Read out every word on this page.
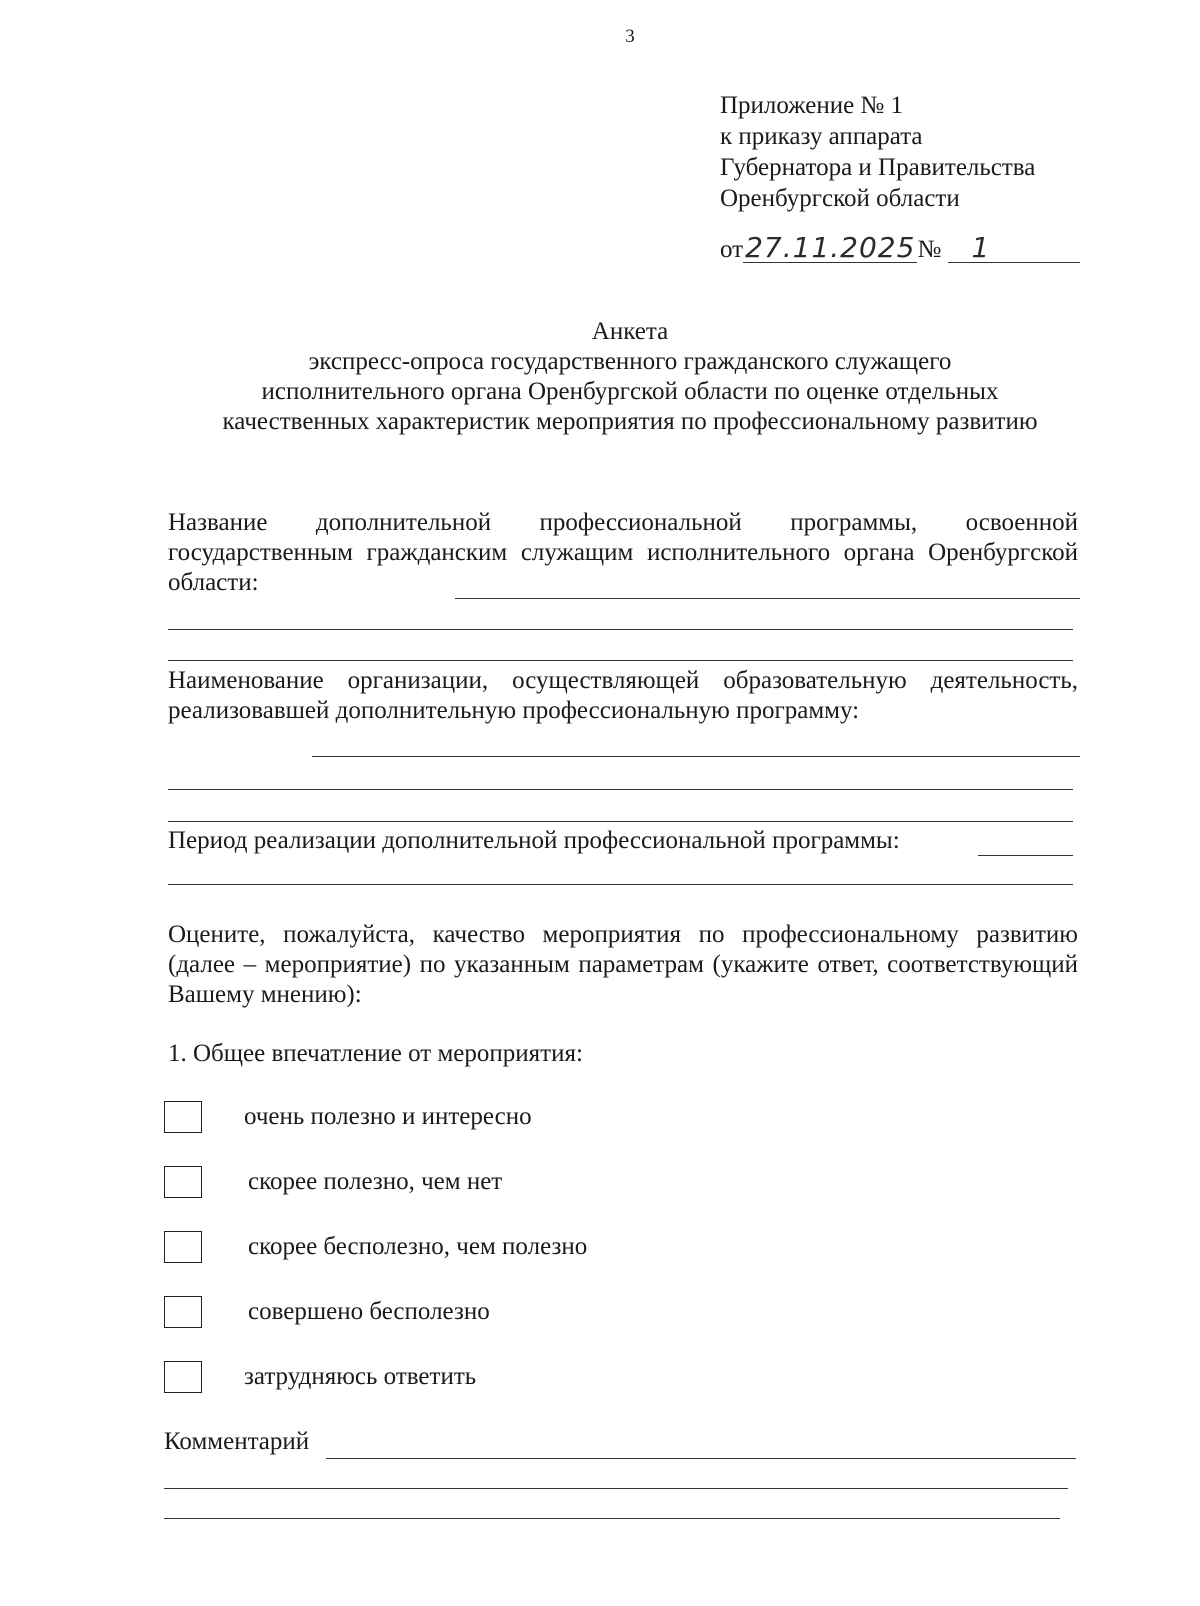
3
Приложение № 1
к приказу аппарата
Губернатора и Правительства
Оренбургской области
от27.11.2025№ 1
Анкета
экспресс-опроса государственного гражданского служащего
исполнительного органа Оренбургской области по оценке отдельных
качественных характеристик мероприятия по профессиональному развитию
Название дополнительной профессиональной программы, освоенной государственным гражданским служащим исполнительного органа Оренбургской области:
Наименование организации, осуществляющей образовательную деятельность, реализовавшей дополнительную профессиональную программу:
Период реализации дополнительной профессиональной программы:
Оцените, пожалуйста, качество мероприятия по профессиональному развитию (далее – мероприятие) по указанным параметрам (укажите ответ, соответствующий Вашему мнению):
1. Общее впечатление от мероприятия:
очень полезно и интересно
скорее полезно, чем нет
скорее бесполезно, чем полезно
совершено бесполезно
затрудняюсь ответить
Комментарий
